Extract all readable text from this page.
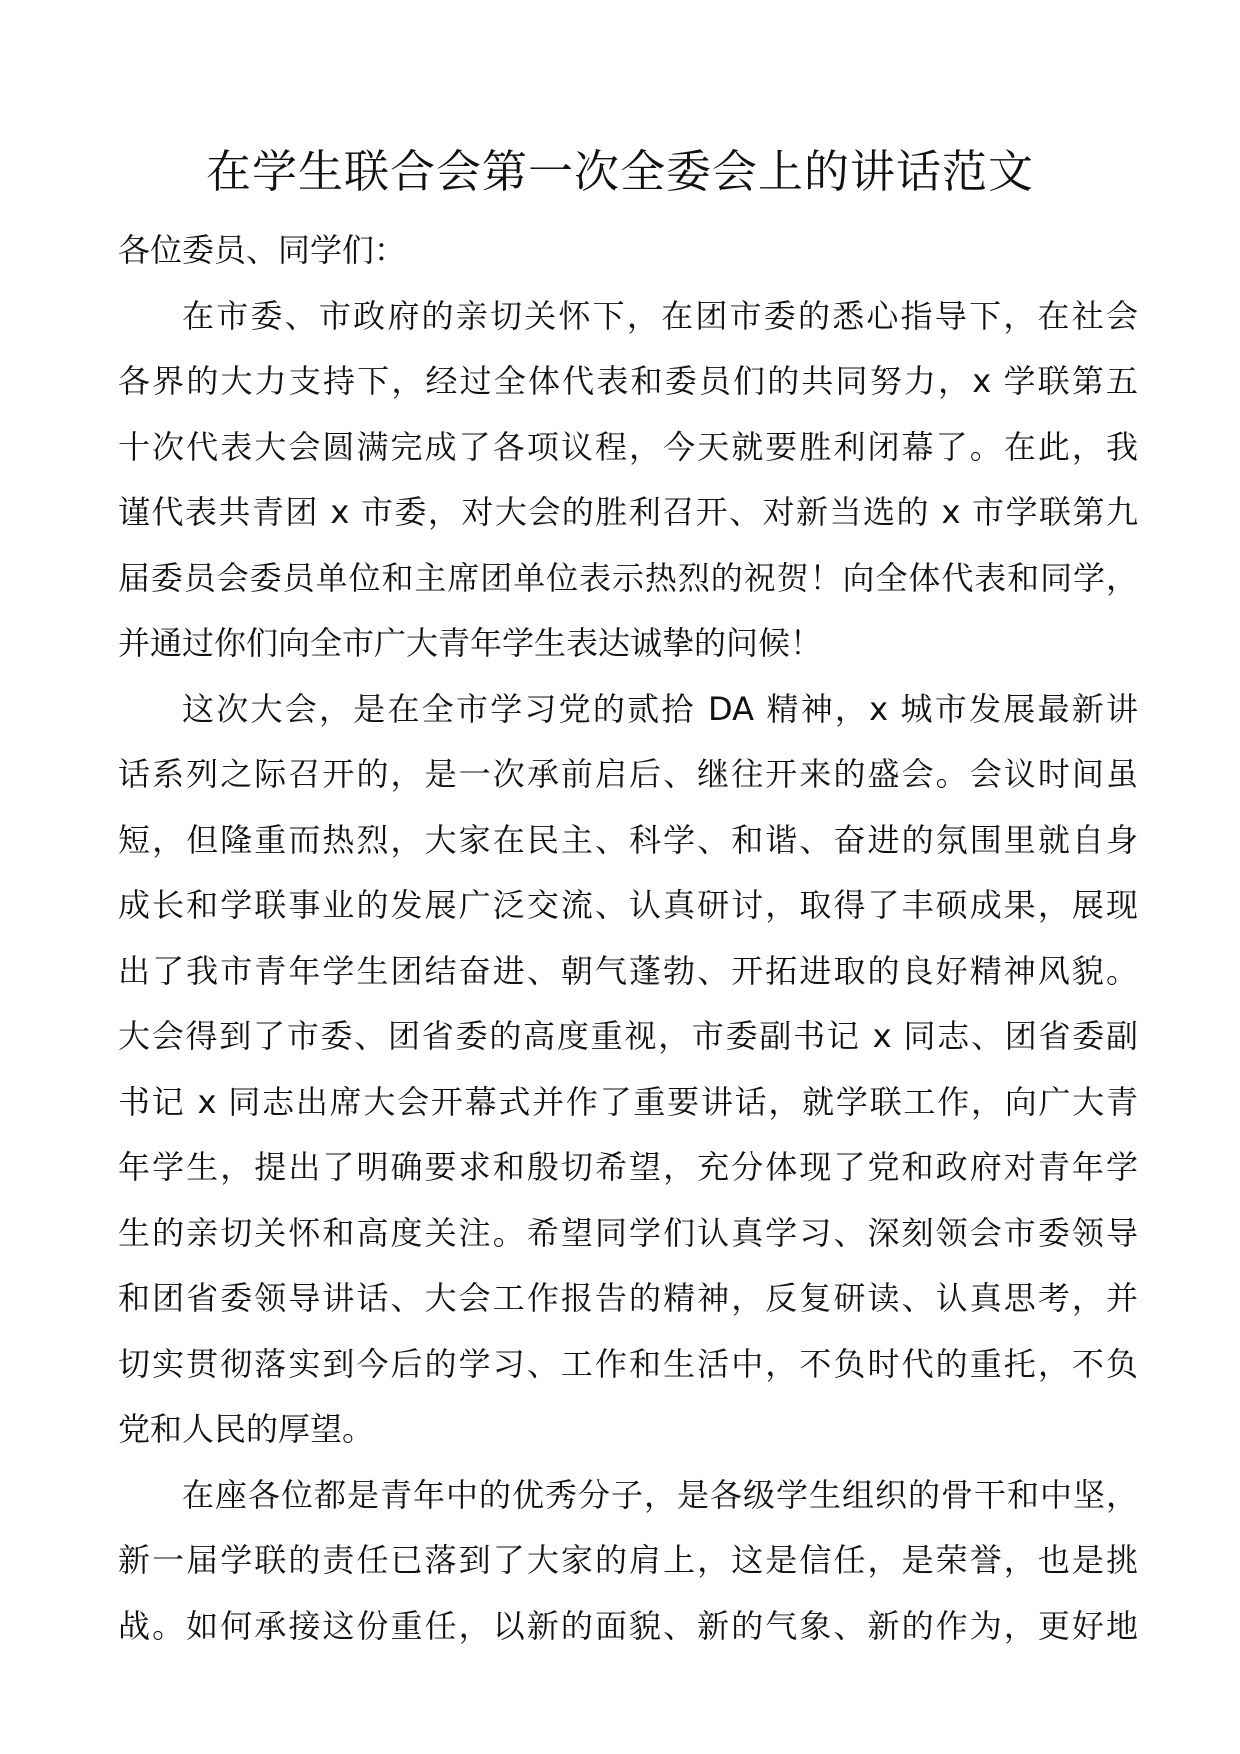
在学生联合会第一次全委会上的讲话范文
各位委员、同学们：
在市委、市政府的亲切关怀下，在团市委的悉心指导下，在社会
各界的大力支持下，经过全体代表和委员们的共同努力，x 学联第五
十次代表大会圆满完成了各项议程，今天就要胜利闭幕了。在此，我
谨代表共青团 x 市委，对大会的胜利召开、对新当选的 x 市学联第九
届委员会委员单位和主席团单位表示热烈的祝贺！向全体代表和同学，
并通过你们向全市广大青年学生表达诚挚的问候！
这次大会，是在全市学习党的贰拾 DA 精神，x 城市发展最新讲
话系列之际召开的，是一次承前启后、继往开来的盛会。会议时间虽
短，但隆重而热烈，大家在民主、科学、和谐、奋进的氛围里就自身
成长和学联事业的发展广泛交流、认真研讨，取得了丰硕成果，展现
出了我市青年学生团结奋进、朝气蓬勃、开拓进取的良好精神风貌。
大会得到了市委、团省委的高度重视，市委副书记 x 同志、团省委副
书记 x 同志出席大会开幕式并作了重要讲话，就学联工作，向广大青
年学生，提出了明确要求和殷切希望，充分体现了党和政府对青年学
生的亲切关怀和高度关注。希望同学们认真学习、深刻领会市委领导
和团省委领导讲话、大会工作报告的精神，反复研读、认真思考，并
切实贯彻落实到今后的学习、工作和生活中，不负时代的重托，不负
党和人民的厚望。
在座各位都是青年中的优秀分子，是各级学生组织的骨干和中坚，
新一届学联的责任已落到了大家的肩上，这是信任，是荣誉，也是挑
战。如何承接这份重任，以新的面貌、新的气象、新的作为，更好地
